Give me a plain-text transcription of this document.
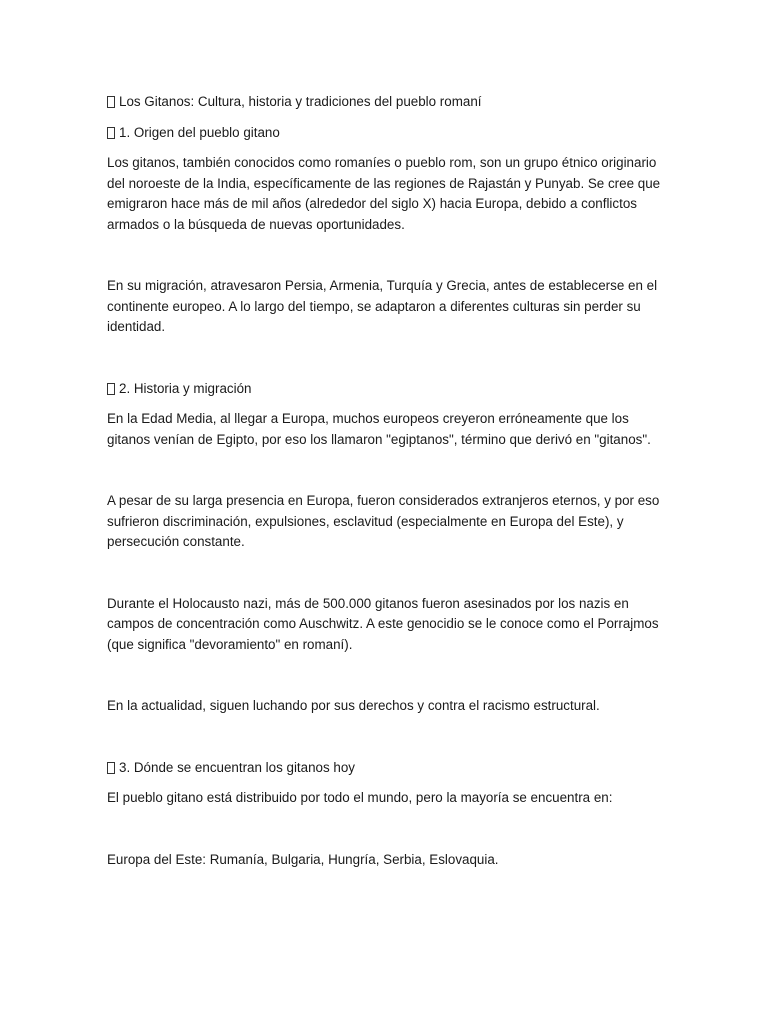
Los Gitanos: Cultura, historia y tradiciones del pueblo romaní
1. Origen del pueblo gitano

Los gitanos, también conocidos como romaníes o pueblo rom, son un grupo étnico originario del noroeste de la India, específicamente de las regiones de Rajastán y Punyab. Se cree que emigraron hace más de mil años (alrededor del siglo X) hacia Europa, debido a conflictos armados o la búsqueda de nuevas oportunidades.

En su migración, atravesaron Persia, Armenia, Turquía y Grecia, antes de establecerse en el continente europeo. A lo largo del tiempo, se adaptaron a diferentes culturas sin perder su identidad.

2. Historia y migración

En la Edad Media, al llegar a Europa, muchos europeos creyeron erróneamente que los gitanos venían de Egipto, por eso los llamaron "egiptanos", término que derivó en "gitanos".

A pesar de su larga presencia en Europa, fueron considerados extranjeros eternos, y por eso sufrieron discriminación, expulsiones, esclavitud (especialmente en Europa del Este), y persecución constante.

Durante el Holocausto nazi, más de 500.000 gitanos fueron asesinados por los nazis en campos de concentración como Auschwitz. A este genocidio se le conoce como el Porrajmos (que significa "devoramiento" en romaní).

En la actualidad, siguen luchando por sus derechos y contra el racismo estructural.

3. Dónde se encuentran los gitanos hoy

El pueblo gitano está distribuido por todo el mundo, pero la mayoría se encuentra en:

Europa del Este: Rumanía, Bulgaria, Hungría, Serbia, Eslovaquia.
